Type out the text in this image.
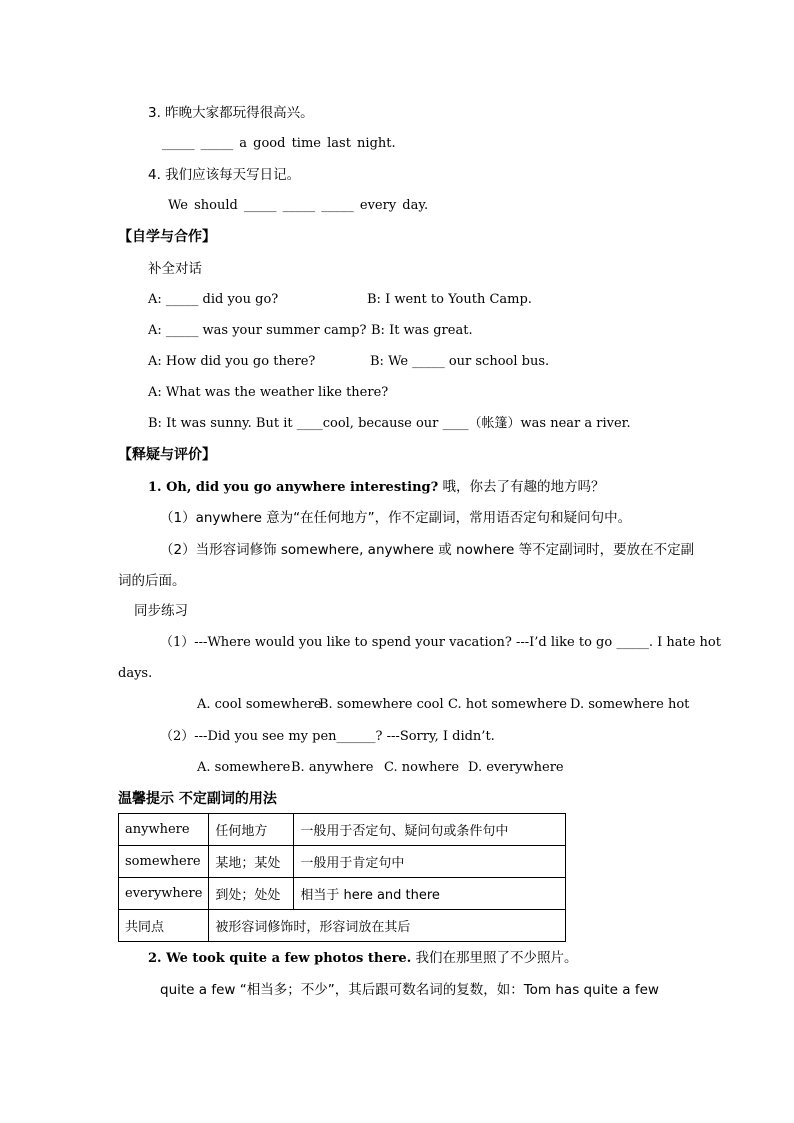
3. 昨晚大家都玩得很高兴。
_____ _____ a good time last night.
4. 我们应该每天写日记。
We should _____ _____ _____ every day.
【自学与合作】
补全对话
A: _____ did you go?	B: I went to Youth Camp.
A: _____ was your summer camp? B: It was great.
A: How did you go there?	B: We _____ our school bus.
A: What was the weather like there?
B: It was sunny. But it ____cool, because our ____（帐篷）was near a river.
【释疑与评价】
1. Oh, did you go anywhere interesting? 哦，你去了有趣的地方吗？
（1）anywhere 意为“在任何地方”，作不定副词，常用语否定句和疑问句中。
（2）当形容词修饰 somewhere, anywhere 或 nowhere 等不定副词时，要放在不定副
词的后面。
同步练习
（1）---Where would you like to spend your vacation? ---I’d like to go _____. I hate hot
days.
A. cool somewhere
B. somewhere cool C. hot somewhere D. somewhere hot
（2）---Did you see my pen______? ---Sorry, I didn’t.
A. somewhere B. anywhere C. nowhere D. everywhere
温馨提示 不定副词的用法
anywhere	任何地方	一般用于否定句、疑问句或条件句中
somewhere	某地；某处	一般用于肯定句中
everywhere	到处；处处	相当于 here and there
共同点	被形容词修饰时，形容词放在其后	
2. We took quite a few photos there. 我们在那里照了不少照片。
quite a few “相当多；不少”，其后跟可数名词的复数，如：Tom has quite a few
